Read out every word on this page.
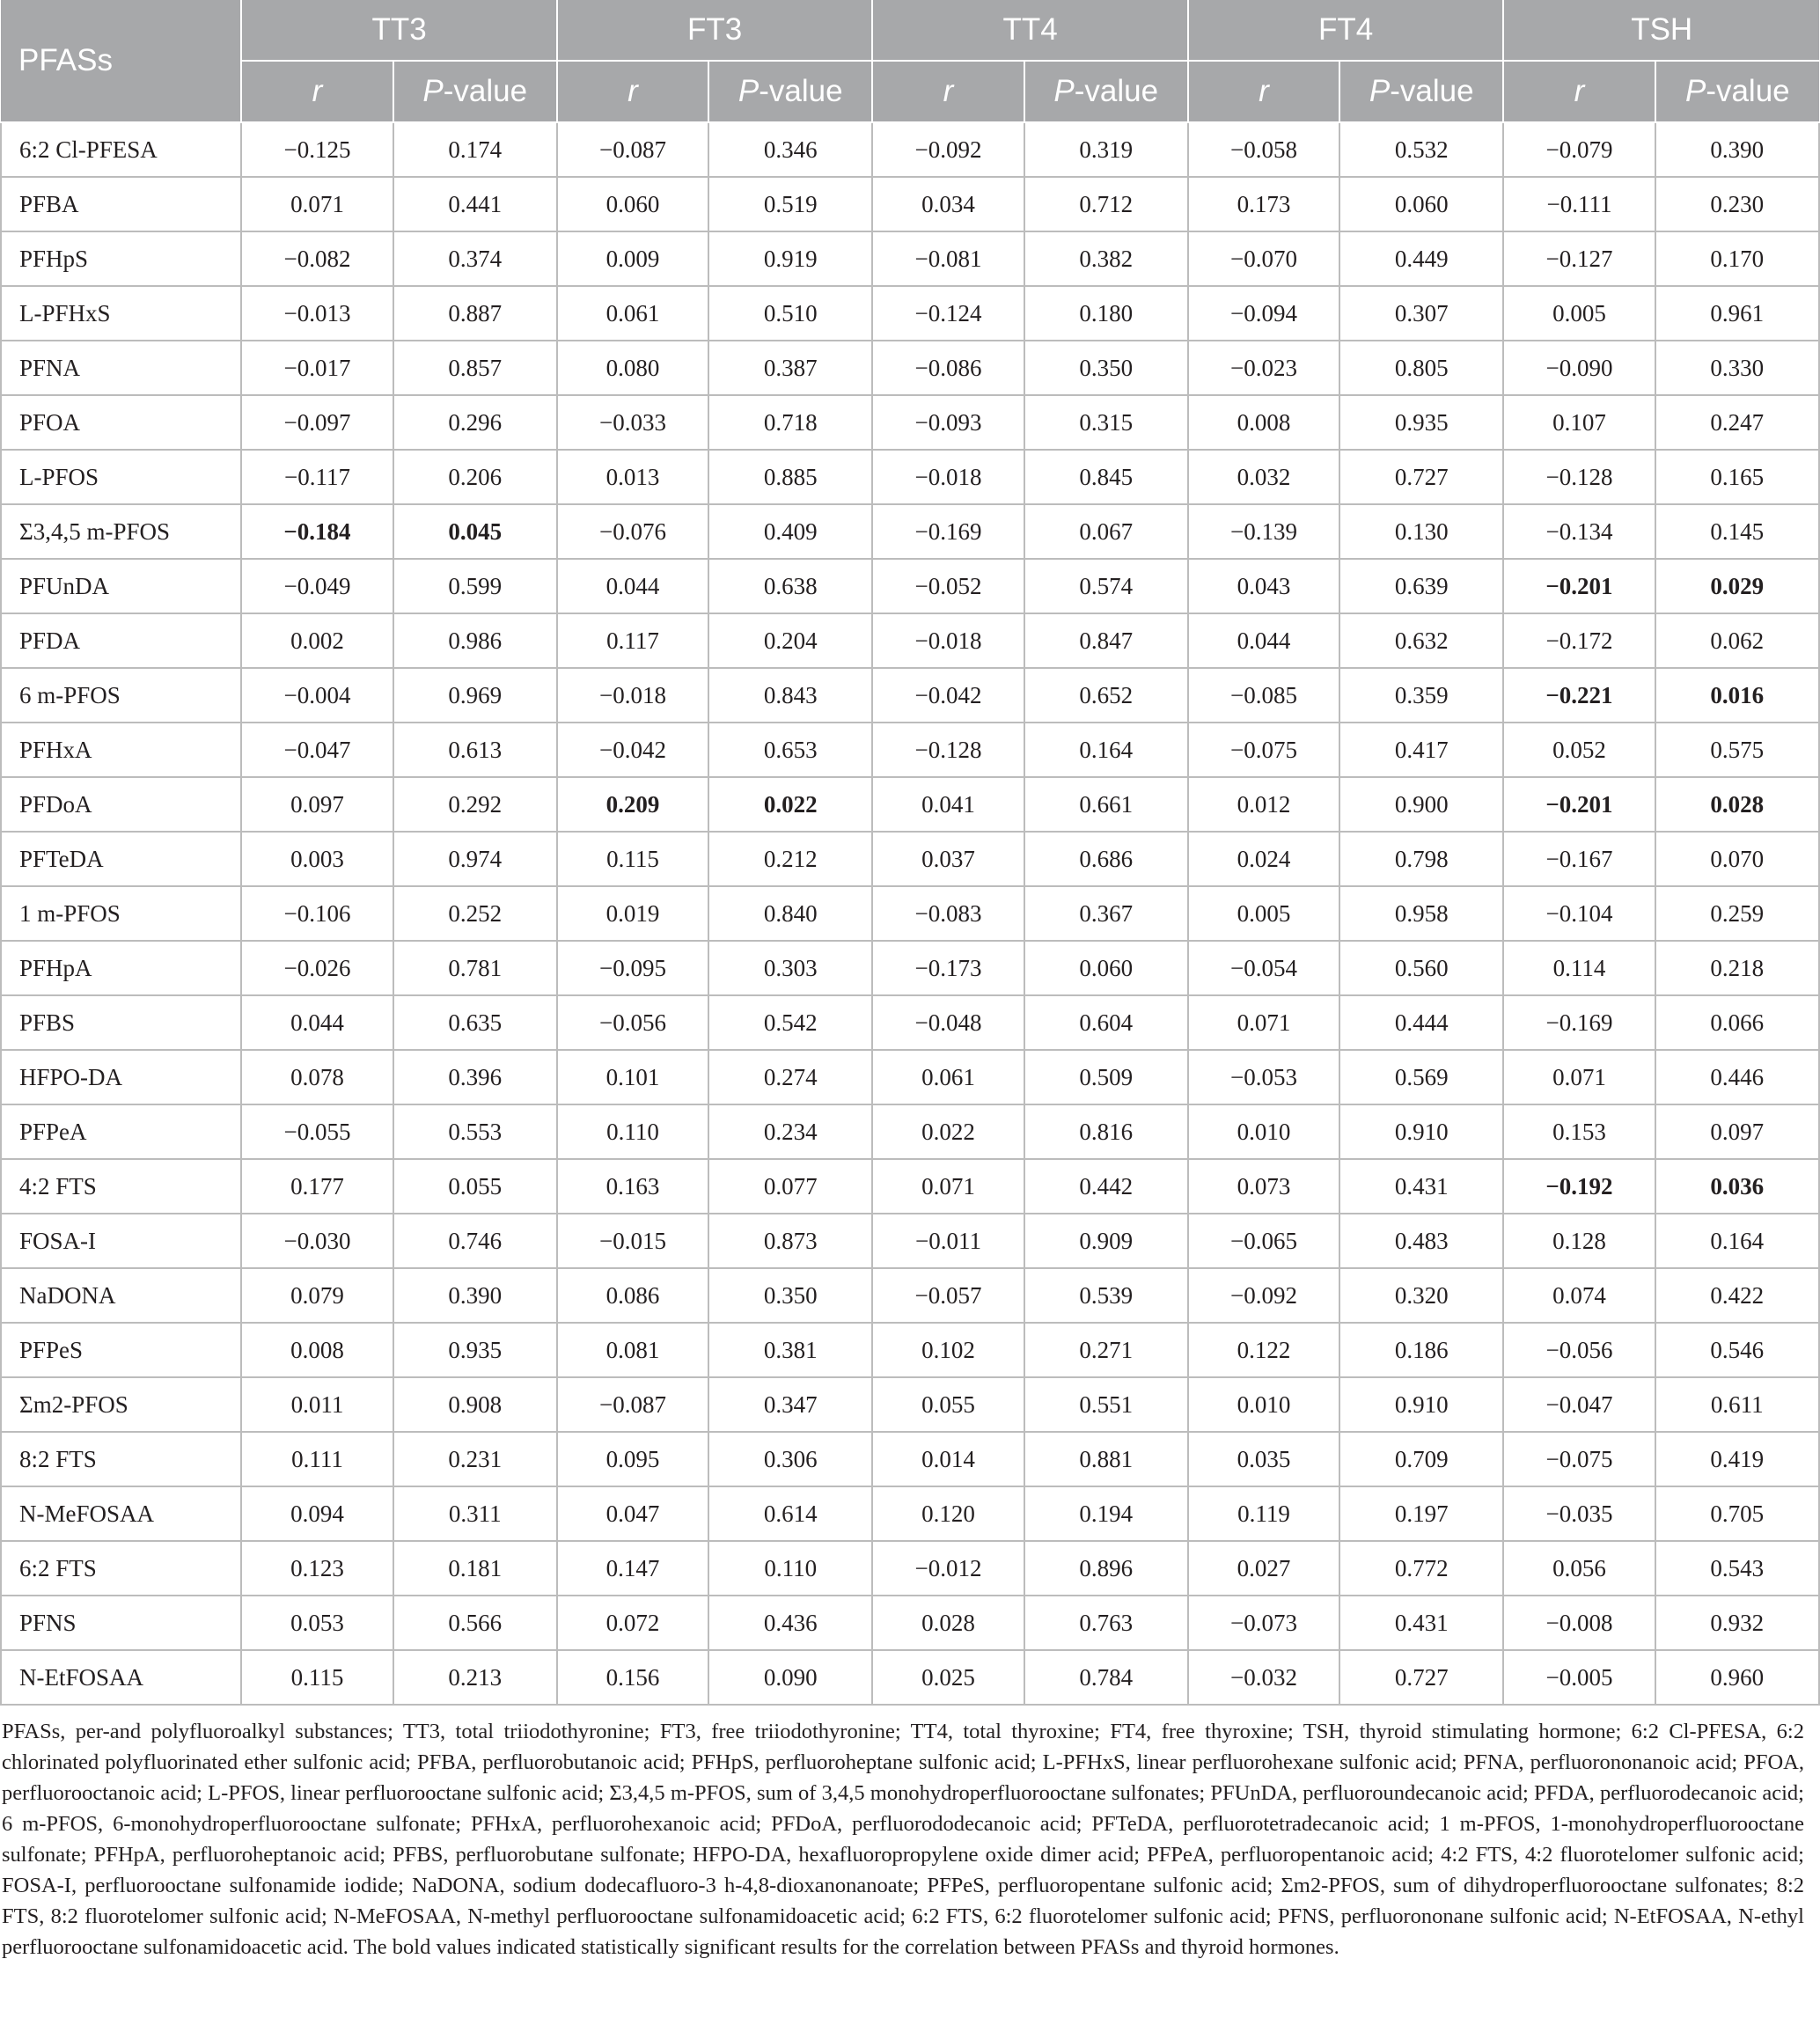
PFASs	TT3		FT3		TT4		FT4		TSH	
	r	P-value	r	P-value	r	P-value	r	P-value	r	P-value
6:2 Cl-PFESA	−0.125	0.174	−0.087	0.346	−0.092	0.319	−0.058	0.532	−0.079	0.390
PFBA	0.071	0.441	0.060	0.519	0.034	0.712	0.173	0.060	−0.111	0.230
PFHpS	−0.082	0.374	0.009	0.919	−0.081	0.382	−0.070	0.449	−0.127	0.170
L-PFHxS	−0.013	0.887	0.061	0.510	−0.124	0.180	−0.094	0.307	0.005	0.961
PFNA	−0.017	0.857	0.080	0.387	−0.086	0.350	−0.023	0.805	−0.090	0.330
PFOA	−0.097	0.296	−0.033	0.718	−0.093	0.315	0.008	0.935	0.107	0.247
L-PFOS	−0.117	0.206	0.013	0.885	−0.018	0.845	0.032	0.727	−0.128	0.165
Σ3,4,5 m-PFOS	−0.184	0.045	−0.076	0.409	−0.169	0.067	−0.139	0.130	−0.134	0.145
PFUnDA	−0.049	0.599	0.044	0.638	−0.052	0.574	0.043	0.639	−0.201	0.029
PFDA	0.002	0.986	0.117	0.204	−0.018	0.847	0.044	0.632	−0.172	0.062
6 m-PFOS	−0.004	0.969	−0.018	0.843	−0.042	0.652	−0.085	0.359	−0.221	0.016
PFHxA	−0.047	0.613	−0.042	0.653	−0.128	0.164	−0.075	0.417	0.052	0.575
PFDoA	0.097	0.292	0.209	0.022	0.041	0.661	0.012	0.900	−0.201	0.028
PFTeDA	0.003	0.974	0.115	0.212	0.037	0.686	0.024	0.798	−0.167	0.070
1 m-PFOS	−0.106	0.252	0.019	0.840	−0.083	0.367	0.005	0.958	−0.104	0.259
PFHpA	−0.026	0.781	−0.095	0.303	−0.173	0.060	−0.054	0.560	0.114	0.218
PFBS	0.044	0.635	−0.056	0.542	−0.048	0.604	0.071	0.444	−0.169	0.066
HFPO-DA	0.078	0.396	0.101	0.274	0.061	0.509	−0.053	0.569	0.071	0.446
PFPeA	−0.055	0.553	0.110	0.234	0.022	0.816	0.010	0.910	0.153	0.097
4:2 FTS	0.177	0.055	0.163	0.077	0.071	0.442	0.073	0.431	−0.192	0.036
FOSA-I	−0.030	0.746	−0.015	0.873	−0.011	0.909	−0.065	0.483	0.128	0.164
NaDONA	0.079	0.390	0.086	0.350	−0.057	0.539	−0.092	0.320	0.074	0.422
PFPeS	0.008	0.935	0.081	0.381	0.102	0.271	0.122	0.186	−0.056	0.546
Σm2-PFOS	0.011	0.908	−0.087	0.347	0.055	0.551	0.010	0.910	−0.047	0.611
8:2 FTS	0.111	0.231	0.095	0.306	0.014	0.881	0.035	0.709	−0.075	0.419
N-MeFOSAA	0.094	0.311	0.047	0.614	0.120	0.194	0.119	0.197	−0.035	0.705
6:2 FTS	0.123	0.181	0.147	0.110	−0.012	0.896	0.027	0.772	0.056	0.543
PFNS	0.053	0.566	0.072	0.436	0.028	0.763	−0.073	0.431	−0.008	0.932
N-EtFOSAA	0.115	0.213	0.156	0.090	0.025	0.784	−0.032	0.727	−0.005	0.960
PFASs, per-and polyfluoroalkyl substances; TT3, total triiodothyronine; FT3, free triiodothyronine; TT4, total thyroxine; FT4, free thyroxine; TSH, thyroid stimulating hormone; 6:2 Cl-PFESA, 6:2 chlorinated polyfluorinated ether sulfonic acid; PFBA, perfluorobutanoic acid; PFHpS, perfluoroheptane sulfonic acid; L-PFHxS, linear perfluorohexane sulfonic acid; PFNA, perfluorononanoic acid; PFOA, perfluorooctanoic acid; L-PFOS, linear perfluorooctane sulfonic acid; Σ3,4,5 m-PFOS, sum of 3,4,5 monohydroperfluorooctane sulfonates; PFUnDA, perfluoroundecanoic acid; PFDA, perfluorodecanoic acid; 6 m-PFOS, 6-monohydroperfluorooctane sulfonate; PFHxA, perfluorohexanoic acid; PFDoA, perfluorododecanoic acid; PFTeDA, perfluorotetradecanoic acid; 1 m-PFOS, 1-monohydroperfluorooctane sulfonate; PFHpA, perfluoroheptanoic acid; PFBS, perfluorobutane sulfonate; HFPO-DA, hexafluoropropylene oxide dimer acid; PFPeA, perfluoropentanoic acid; 4:2 FTS, 4:2 fluorotelomer sulfonic acid; FOSA-I, perfluorooctane sulfonamide iodide; NaDONA, sodium dodecafluoro-3 h-4,8-dioxanonanoate; PFPeS, perfluoropentane sulfonic acid; Σm2-PFOS, sum of dihydroperfluorooctane sulfonates; 8:2 FTS, 8:2 fluorotelomer sulfonic acid; N-MeFOSAA, N-methyl perfluorooctane sulfonamidoacetic acid; 6:2 FTS, 6:2 fluorotelomer sulfonic acid; PFNS, perfluorononane sulfonic acid; N-EtFOSAA, N-ethyl perfluorooctane sulfonamidoacetic acid. The bold values indicated statistically significant results for the correlation between PFASs and thyroid hormones.
